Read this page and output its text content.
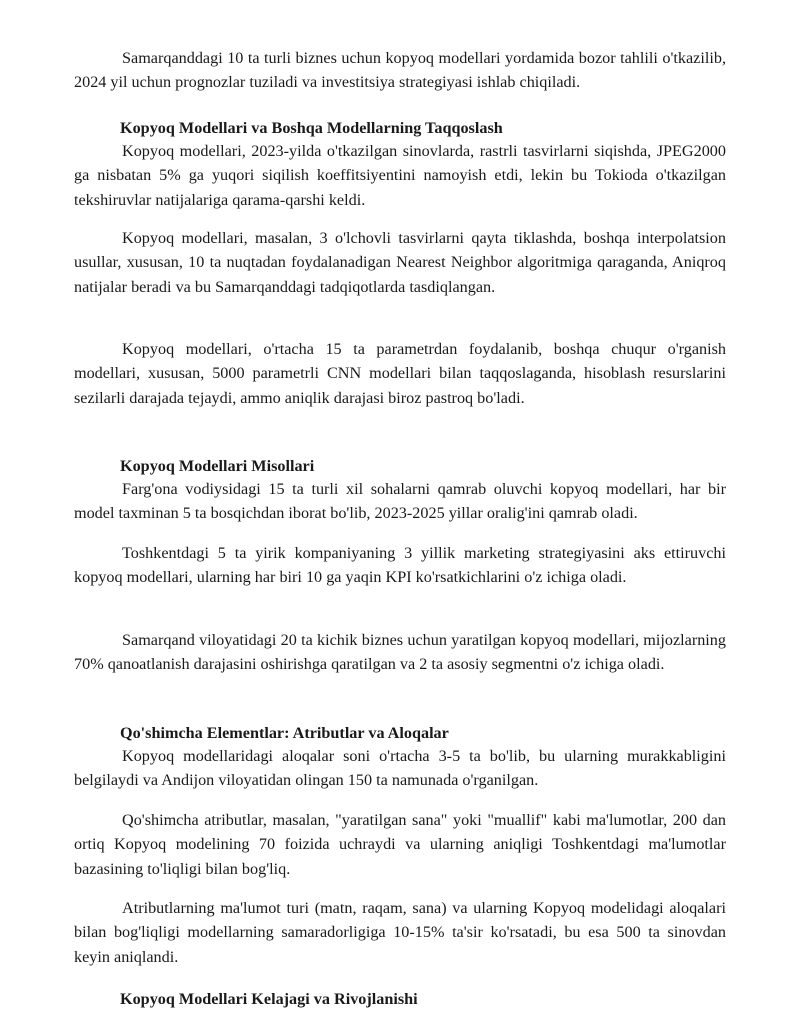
Samarqanddagi 10 ta turli biznes uchun kopyoq modellari yordamida bozor tahlili o'tkazilib, 2024 yil uchun prognozlar tuziladi va investitsiya strategiyasi ishlab chiqiladi.

Kopyoq Modellari va Boshqa Modellarning Taqqoslash

Kopyoq modellari, 2023-yilda o'tkazilgan sinovlarda, rastrli tasvirlarni siqishda, JPEG2000 ga nisbatan 5% ga yuqori siqilish koeffitsiyentini namoyish etdi, lekin bu Tokioda o'tkazilgan tekshiruvlar natijalariga qarama-qarshi keldi.

Kopyoq modellari, masalan, 3 o'lchovli tasvirlarni qayta tiklashda, boshqa interpolatsion usullar, xususan, 10 ta nuqtadan foydalanadigan Nearest Neighbor algoritmiga qaraganda, Aniqroq natijalar beradi va bu Samarqanddagi tadqiqotlarda tasdiqlangan.

Kopyoq modellari, o'rtacha 15 ta parametrdan foydalanib, boshqa chuqur o'rganish modellari, xususan, 5000 parametrli CNN modellari bilan taqqoslaganda, hisoblash resurslarini sezilarli darajada tejaydi, ammo aniqlik darajasi biroz pastroq bo'ladi.

Kopyoq Modellari Misollari

Farg'ona vodiysidagi 15 ta turli xil sohalarni qamrab oluvchi kopyoq modellari, har bir model taxminan 5 ta bosqichdan iborat bo'lib, 2023-2025 yillar oralig'ini qamrab oladi.

Toshkentdagi 5 ta yirik kompaniyaning 3 yillik marketing strategiyasini aks ettiruvchi kopyoq modellari, ularning har biri 10 ga yaqin KPI ko'rsatkichlarini o'z ichiga oladi.

Samarqand viloyatidagi 20 ta kichik biznes uchun yaratilgan kopyoq modellari, mijozlarning 70% qanoatlanish darajasini oshirishga qaratilgan va 2 ta asosiy segmentni o'z ichiga oladi.

Qo'shimcha Elementlar: Atributlar va Aloqalar

Kopyoq modellaridagi aloqalar soni o'rtacha 3-5 ta bo'lib, bu ularning murakkabligini belgilaydi va Andijon viloyatidan olingan 150 ta namunada o'rganilgan.

Qo'shimcha atributlar, masalan, "yaratilgan sana" yoki "muallif" kabi ma'lumotlar, 200 dan ortiq Kopyoq modelining 70 foizida uchraydi va ularning aniqligi Toshkentdagi ma'lumotlar bazasining to'liqligi bilan bog'liq.

Atributlarning ma'lumot turi (matn, raqam, sana) va ularning Kopyoq modelidagi aloqalari bilan bog'liqligi modellarning samaradorligiga 10-15% ta'sir ko'rsatadi, bu esa 500 ta sinovdan keyin aniqlandi.

Kopyoq Modellari Kelajagi va Rivojlanishi
